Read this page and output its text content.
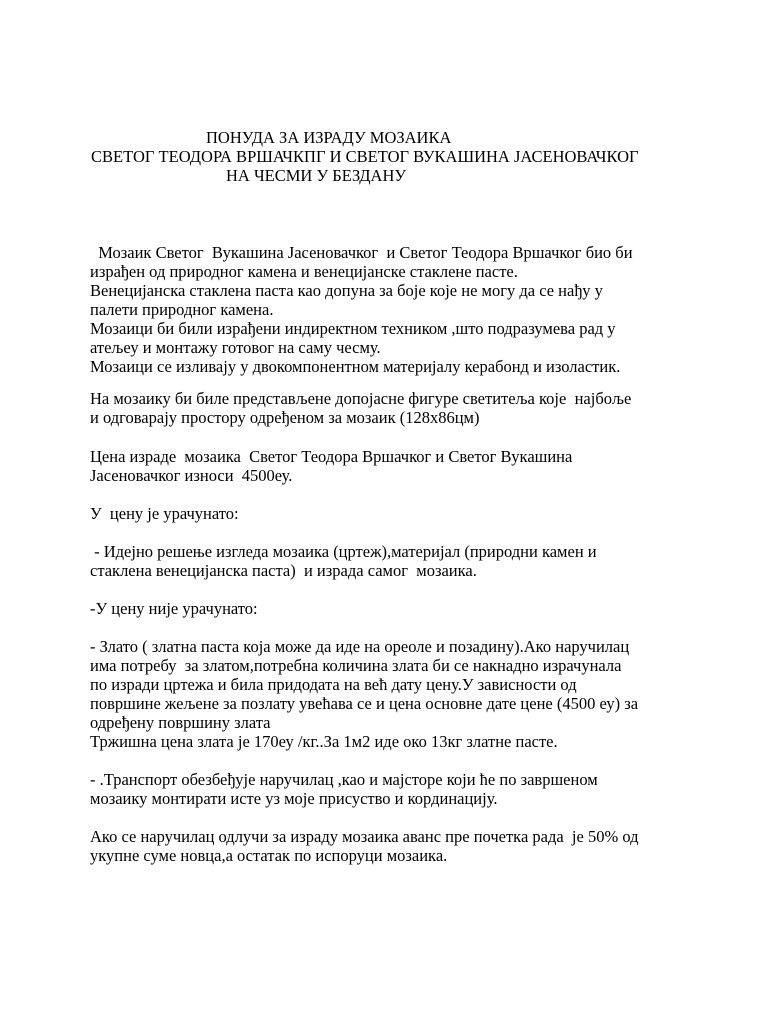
ПОНУДА ЗА ИЗРАДУ МОЗАИКА
СВЕТОГ ТЕОДОРА ВРШАЧКПГ И СВЕТОГ ВУКАШИНА ЈАСЕНОВАЧКОГ
НА ЧЕСМИ У БЕЗДАНУ
Мозаик Светог  Вукашина Јасеновачког  и Светог Теодора Вршачког био би
израђен од природног камена и венецијанске стаклене пасте.
Венецијанска стаклена паста као допуна за боје које не могу да се нађу у
палети природног камена.
Мозаици би били израђени индиректном техником ,што подразумева рад у
атељеу и монтажу готовог на саму чесму.
Мозаици се изливају у двокомпонентном материјалу керабонд и изоластик.
На мозаику би биле представљене допојасне фигуре светитеља које  најбоље
и одговарају простору одређеном за мозаик (128х86цм)
Цена израде  мозаика  Светог Теодора Вршачког и Светог Вукашина
Јасеновачког износи  4500еу.
У  цену је урачунато:
- Идејно решење изгледа мозаика (цртеж),материјал (природни камен и
стаклена венецијанска паста)  и израда самог  мозаика.
-У цену није урачунато:
- Злато ( златна паста која може да иде на ореоле и позадину).Ако наручилац
има потребу  за златом,потребна количина злата би се накнадно израчунала
по изради цртежа и била придодата на већ дату цену.У зависности од
површине жељене за позлату увећава се и цена основне дате цене (4500 еу) за
одређену површину злата
Тржишна цена злата је 170еу /кг..За 1м2 иде око 13кг златне пасте.
- .Транспорт обезбеђује наручилац ,као и мајсторе који ће по завршеном
мозаику монтирати исте уз моје присуство и кординацију.
Ако се наручилац одлучи за израду мозаика аванс пре почетка рада  је 50% од
укупне суме новца,а остатак по испоруци мозаика.
